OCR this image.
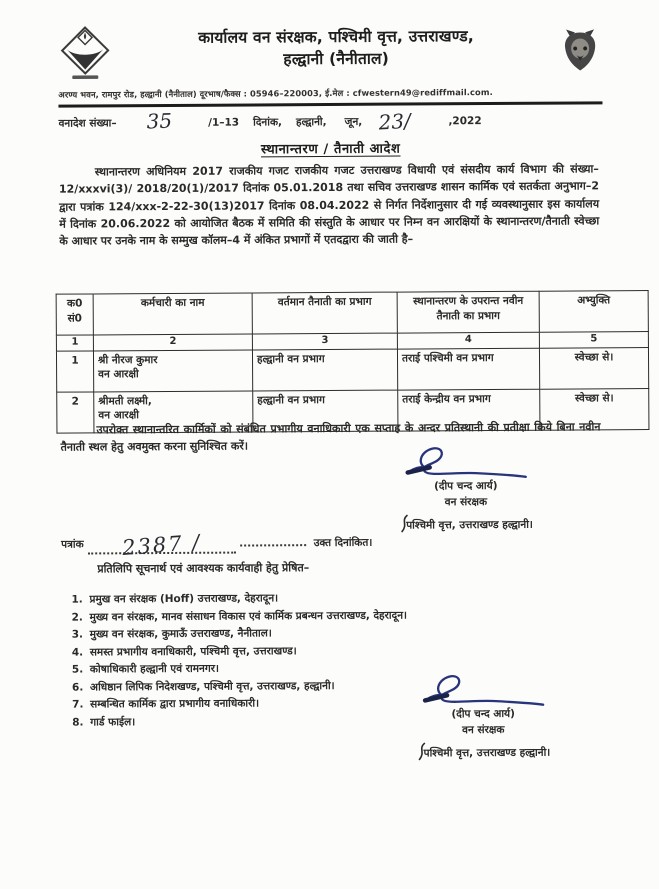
कार्यालय वन संरक्षक, पश्चिमी वृत्त, उत्तराखण्ड,
हल्द्वानी (नैनीताल)
अरण्य भवन, रामपुर रोड, हल्द्वानी (नैनीताल) दूरभाष/फैक्स : 05946–220003, ई.मेल : cfwestern49@rediffmail.com.
वनादेश संख्या– 35	/1–13 दिनांक, हल्द्वानी, जून, 23/	,2022
स्थानान्तरण / तैनाती आदेश
स्थानान्तरण अधिनियम 2017 राजकीय गजट राजकीय गजट उत्तराखण्ड विधायी एवं संसदीय कार्य विभाग की संख्या–12/xxxvi(3)/ 2018/20(1)/2017 दिनांक 05.01.2018 तथा सचिव उत्तराखण्ड शासन कार्मिक एवं सतर्कता अनुभाग–2 द्वारा पत्रांक 124/xxx-2-22-30(13)2017 दिनांक 08.04.2022 से निर्गत निर्देशानुसार दी गई व्यवस्थानुसार इस कार्यालय में दिनांक 20.06.2022 को आयोजित बैठक में समिति की संस्तुति के आधार पर निम्न वन आरक्षियों के स्थानान्तरण/तैनाती स्वेच्छा के आधार पर उनके नाम के सम्मुख कॉलम–4 में अंकित प्रभागों में एतदद्वारा की जाती है–
क0 सं0	कर्मचारी का नाम	वर्तमान तैनाती का प्रभाग	स्थानान्तरण के उपरान्त नवीन तैनाती का प्रभाग	अभ्युक्ति
1	2	3	4	5
1	श्री नीरज कुमार
वन आरक्षी	हल्द्वानी वन प्रभाग	तराई पश्चिमी वन प्रभाग	स्वेच्छा से।
2	श्रीमती लक्ष्मी,
वन आरक्षी	हल्द्वानी वन प्रभाग	तराई केन्द्रीय वन प्रभाग	स्वेच्छा से।
उपरोक्त स्थानान्तरित कार्मिकों को संबंधित प्रभागीय वनाधिकारी एक सप्ताह के अन्दर प्रतिस्थानी की प्रतीक्षा किये बिना नवीन तैनाती स्थल हेतु अवमुक्त करना सुनिश्चित करें।
(दीप चन्द आर्य)
वन संरक्षक
पश्चिमी वृत्त, उत्तराखण्ड हल्द्वानी।
पत्रांक	2387 /	उक्त दिनांकित।
प्रतिलिपि सूचनार्थ एवं आवश्यक कार्यवाही हेतु प्रेषित–
1. प्रमुख वन संरक्षक (Hoff) उत्तराखण्ड, देहरादून।
2. मुख्य वन संरक्षक, मानव संसाधन विकास एवं कार्मिक प्रबन्धन उत्तराखण्ड, देहरादून।
3. मुख्य वन संरक्षक, कुमाऊँ उत्तराखण्ड, नैनीताल।
4. समस्त प्रभागीय वनाधिकारी, पश्चिमी वृत्त, उत्तराखण्ड।
5. कोषाधिकारी हल्द्वानी एवं रामनगर।
6. अधिष्ठान लिपिक निदेशखण्ड, पश्चिमी वृत्त, उत्तराखण्ड, हल्द्वानी।
7. सम्बन्धित कार्मिक द्वारा प्रभागीय वनाधिकारी।
8. गार्ड फाईल।
(दीप चन्द आर्य)
वन संरक्षक
पश्चिमी वृत्त, उत्तराखण्ड हल्द्वानी।
